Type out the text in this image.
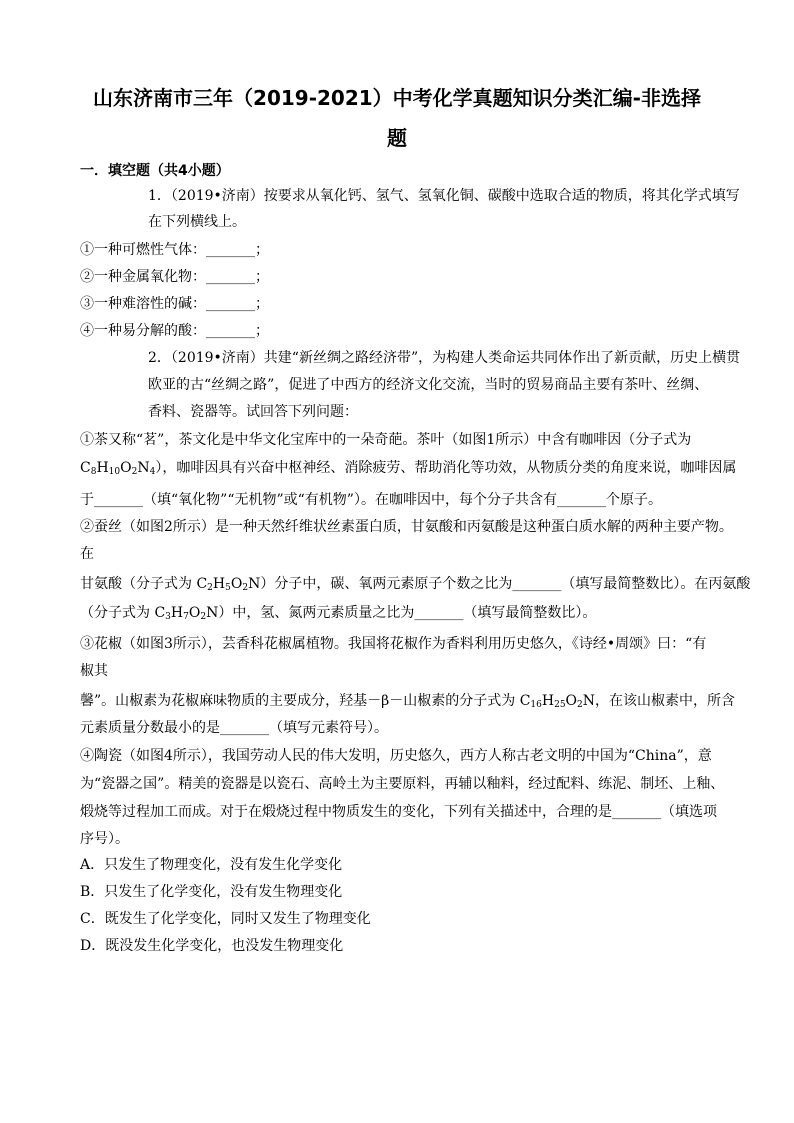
山东济南市三年（2019-2021）中考化学真题知识分类汇编-非选择
题
一．填空题（共4小题）
1．（2019•济南）按要求从氧化钙、氢气、氢氧化铜、碳酸中选取合适的物质，将其化学式填写
在下列横线上。
①一种可燃性气体：_______；
②一种金属氧化物：_______；
③一种难溶性的碱：_______；
④一种易分解的酸：_______；
2．（2019•济南）共建“新丝绸之路经济带”，为构建人类命运共同体作出了新贡献，历史上横贯
欧亚的古“丝绸之路”，促进了中西方的经济文化交流，当时的贸易商品主要有茶叶、丝绸、
香料、瓷器等。试回答下列问题：
①茶又称“茗”，茶文化是中华文化宝库中的一朵奇葩。茶叶（如图1所示）中含有咖啡因（分子式为
$C_8H_{10}O_2N_4$），咖啡因具有兴奋中枢神经、消除疲劳、帮助消化等功效，从物质分类的角度来说，咖啡因属
于_______（填“氧化物”“无机物”或“有机物”）。在咖啡因中，每个分子共含有_______个原子。
②蚕丝（如图2所示）是一种天然纤维状丝素蛋白质，甘氨酸和丙氨酸是这种蛋白质水解的两种主要产物。
在
甘氨酸（分子式为 $C_2H_5O_2N$）分子中，碳、氧两元素原子个数之比为_______（填写最简整数比）。在丙氨酸
（分子式为 $C_3H_7O_2N$）中，氢、氮两元素质量之比为_______（填写最简整数比）。
③花椒（如图3所示），芸香科花椒属植物。我国将花椒作为香料利用历史悠久，《诗经•周颂》曰：“有
椒其
馨”。山椒素为花椒麻味物质的主要成分，羟基－β－山椒素的分子式为 $C_{16}H_{25}O_2N$，在该山椒素中，所含
元素质量分数最小的是_______（填写元素符号）。
④陶瓷（如图4所示），我国劳动人民的伟大发明，历史悠久，西方人称古老文明的中国为“China”，意
为“瓷器之国”。精美的瓷器是以瓷石、高岭土为主要原料，再辅以釉料，经过配料、练泥、制坯、上釉、
煅烧等过程加工而成。对于在煅烧过程中物质发生的变化，下列有关描述中，合理的是_______（填选项
序号）。
A．只发生了物理变化，没有发生化学变化
B．只发生了化学变化，没有发生物理变化
C．既发生了化学变化，同时又发生了物理变化
D．既没发生化学变化，也没发生物理变化
